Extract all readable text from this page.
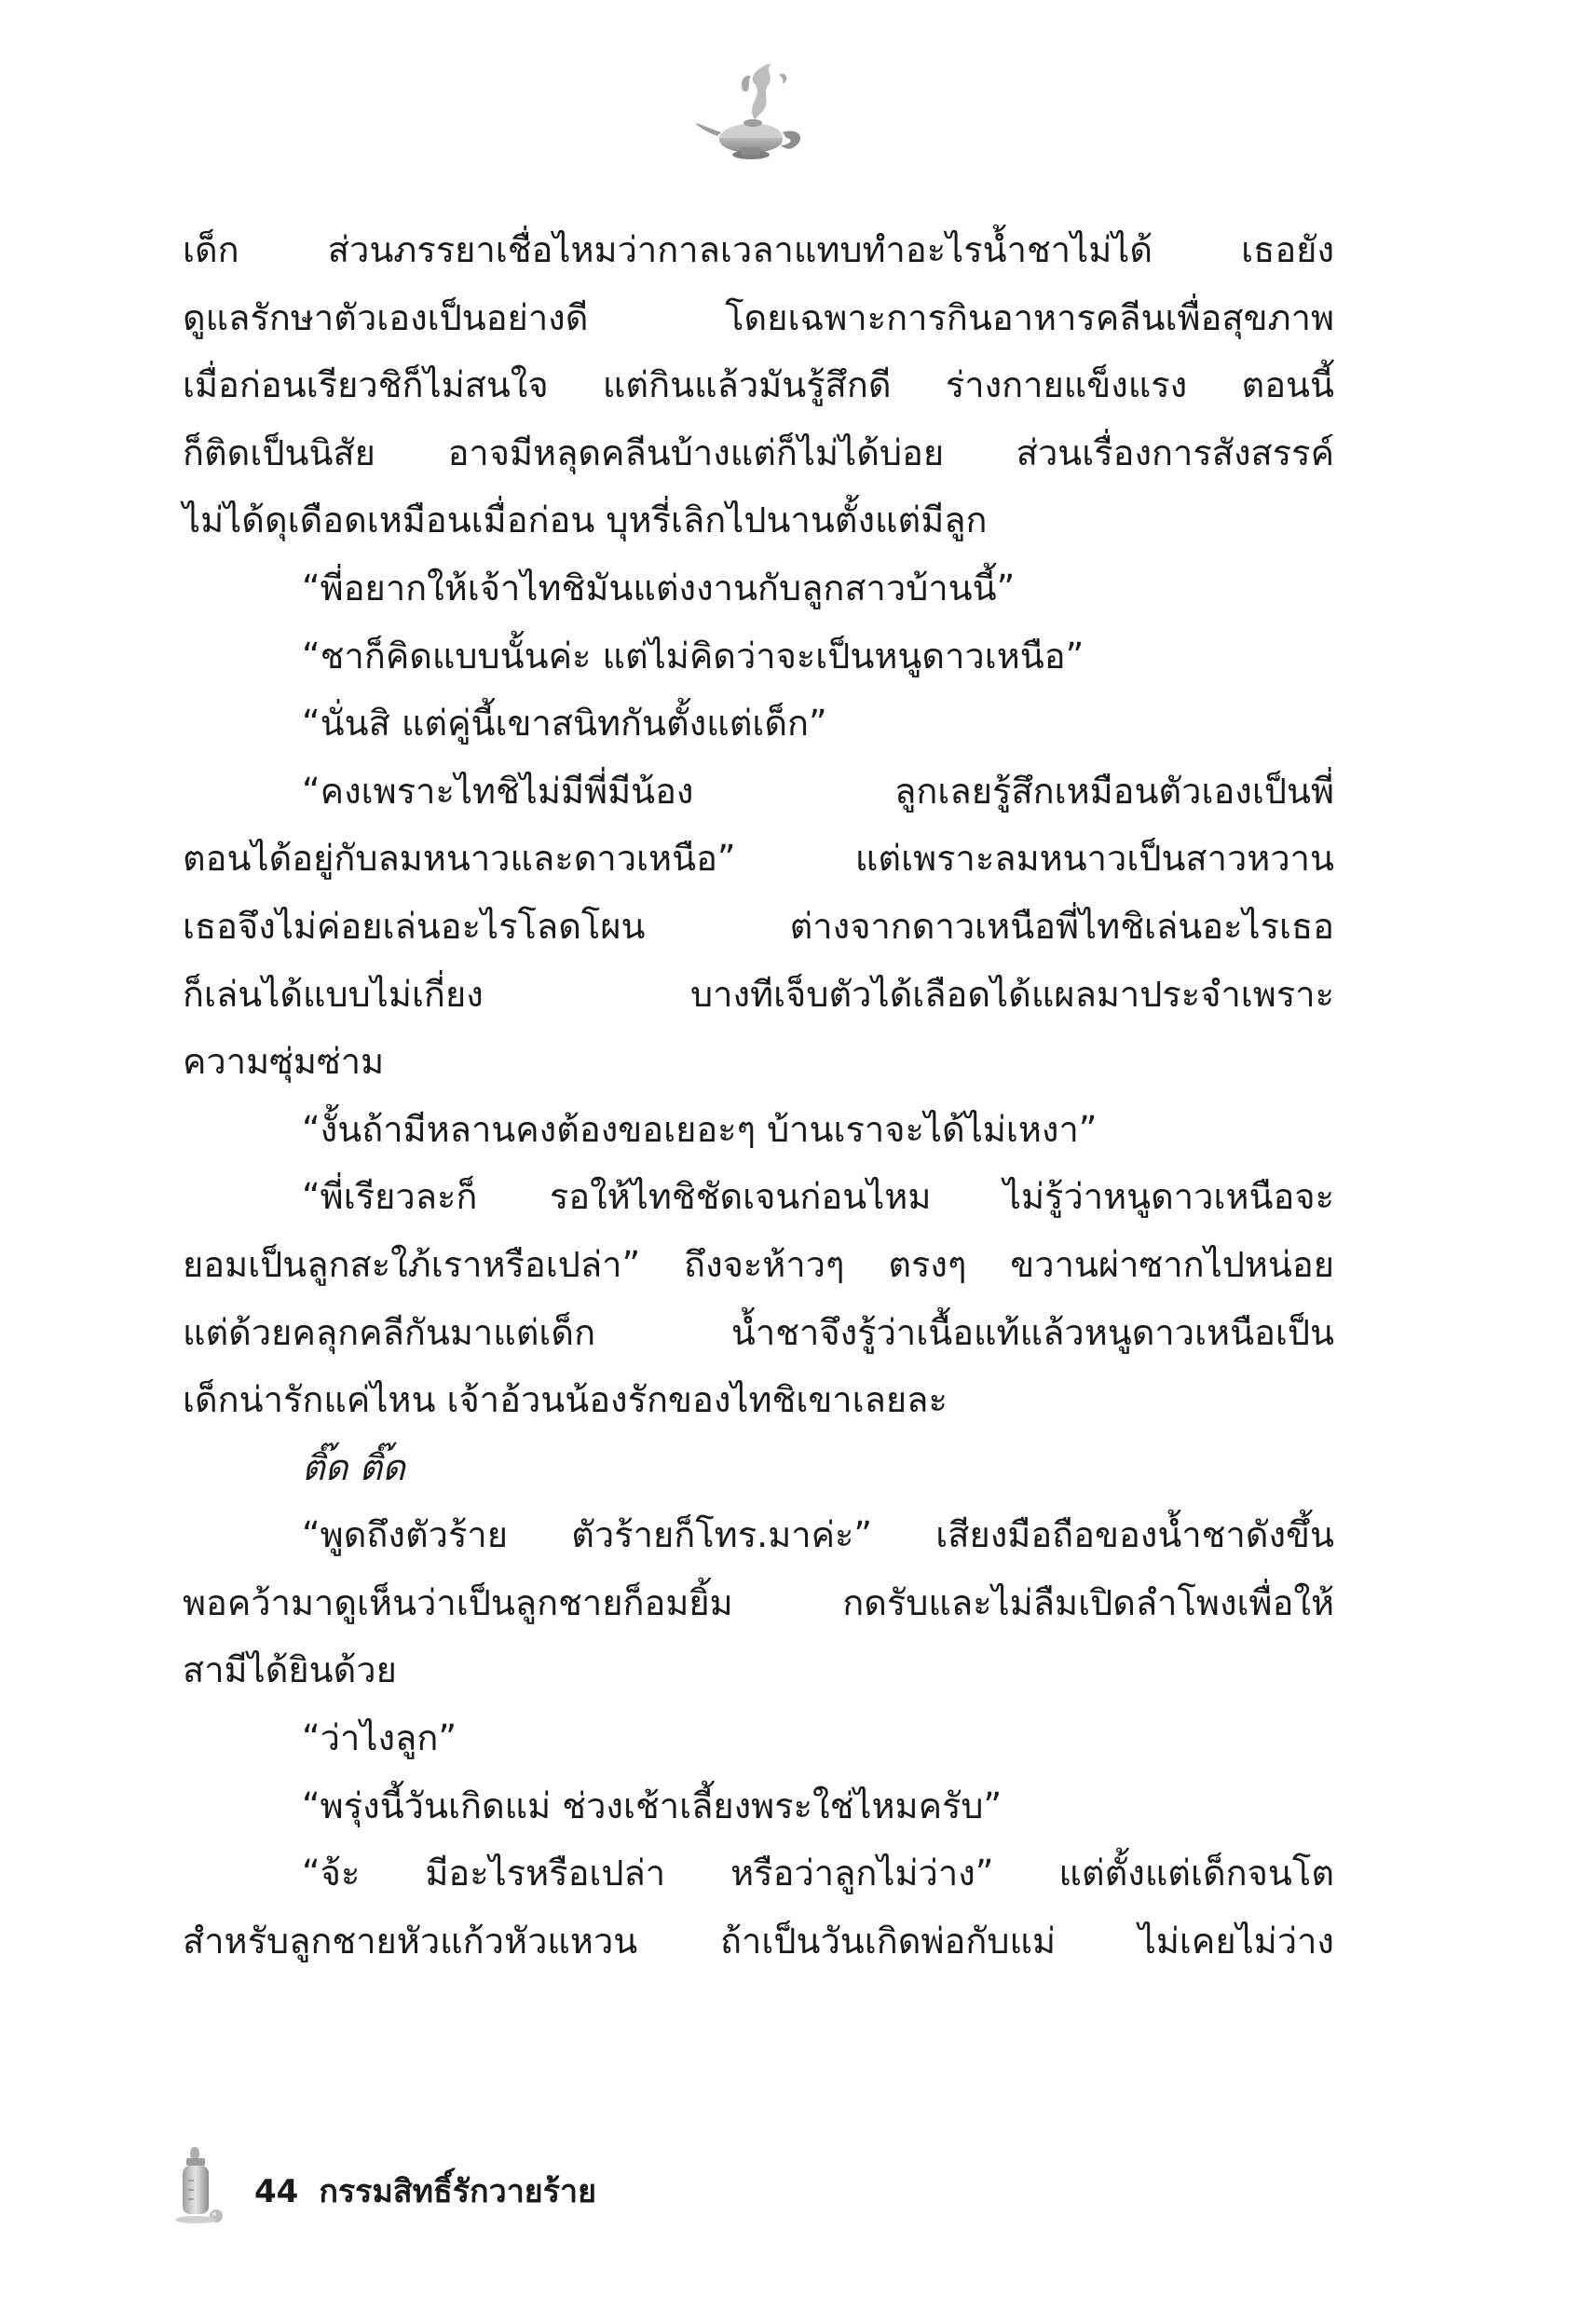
เด็ก ส่วนภรรยาเชื่อไหมว่ากาลเวลาแทบทำอะไรน้ำชาไม่ได้ เธอยัง
ดูแลรักษาตัวเองเป็นอย่างดี โดยเฉพาะการกินอาหารคลีนเพื่อสุขภาพ
เมื่อก่อนเรียวชิก็ไม่สนใจ แต่กินแล้วมันรู้สึกดี ร่างกายแข็งแรง ตอนนี้
ก็ติดเป็นนิสัย อาจมีหลุดคลีนบ้างแต่ก็ไม่ได้บ่อย ส่วนเรื่องการสังสรรค์
ไม่ได้ดุเดือดเหมือนเมื่อก่อน บุหรี่เลิกไปนานตั้งแต่มีลูก
“พี่อยากให้เจ้าไทชิมันแต่งงานกับลูกสาวบ้านนี้”
“ชาก็คิดแบบนั้นค่ะ แต่ไม่คิดว่าจะเป็นหนูดาวเหนือ”
“นั่นสิ แต่คู่นี้เขาสนิทกันตั้งแต่เด็ก”
“คงเพราะไทชิไม่มีพี่มีน้อง ลูกเลยรู้สึกเหมือนตัวเองเป็นพี่
ตอนได้อยู่กับลมหนาวและดาวเหนือ” แต่เพราะลมหนาวเป็นสาวหวาน
เธอจึงไม่ค่อยเล่นอะไรโลดโผน ต่างจากดาวเหนือพี่ไทชิเล่นอะไรเธอ
ก็เล่นได้แบบไม่เกี่ยง บางทีเจ็บตัวได้เลือดได้แผลมาประจำเพราะ
ความซุ่มซ่าม
“งั้นถ้ามีหลานคงต้องขอเยอะๆ บ้านเราจะได้ไม่เหงา”
“พี่เรียวละก็ รอให้ไทชิชัดเจนก่อนไหม ไม่รู้ว่าหนูดาวเหนือจะ
ยอมเป็นลูกสะใภ้เราหรือเปล่า” ถึงจะห้าวๆ ตรงๆ ขวานผ่าซากไปหน่อย
แต่ด้วยคลุกคลีกันมาแต่เด็ก น้ำชาจึงรู้ว่าเนื้อแท้แล้วหนูดาวเหนือเป็น
เด็กน่ารักแค่ไหน เจ้าอ้วนน้องรักของไทชิเขาเลยละ
ติ๊ด ติ๊ด
“พูดถึงตัวร้าย ตัวร้ายก็โทร.มาค่ะ” เสียงมือถือของน้ำชาดังขึ้น
พอคว้ามาดูเห็นว่าเป็นลูกชายก็อมยิ้ม กดรับและไม่ลืมเปิดลำโพงเพื่อให้
สามีได้ยินด้วย
“ว่าไงลูก”
“พรุ่งนี้วันเกิดแม่ ช่วงเช้าเลี้ยงพระใช่ไหมครับ”
“จ้ะ มีอะไรหรือเปล่า หรือว่าลูกไม่ว่าง” แต่ตั้งแต่เด็กจนโต
สำหรับลูกชายหัวแก้วหัวแหวน ถ้าเป็นวันเกิดพ่อกับแม่ ไม่เคยไม่ว่าง
44 กรรมสิทธิ์รักวายร้าย
